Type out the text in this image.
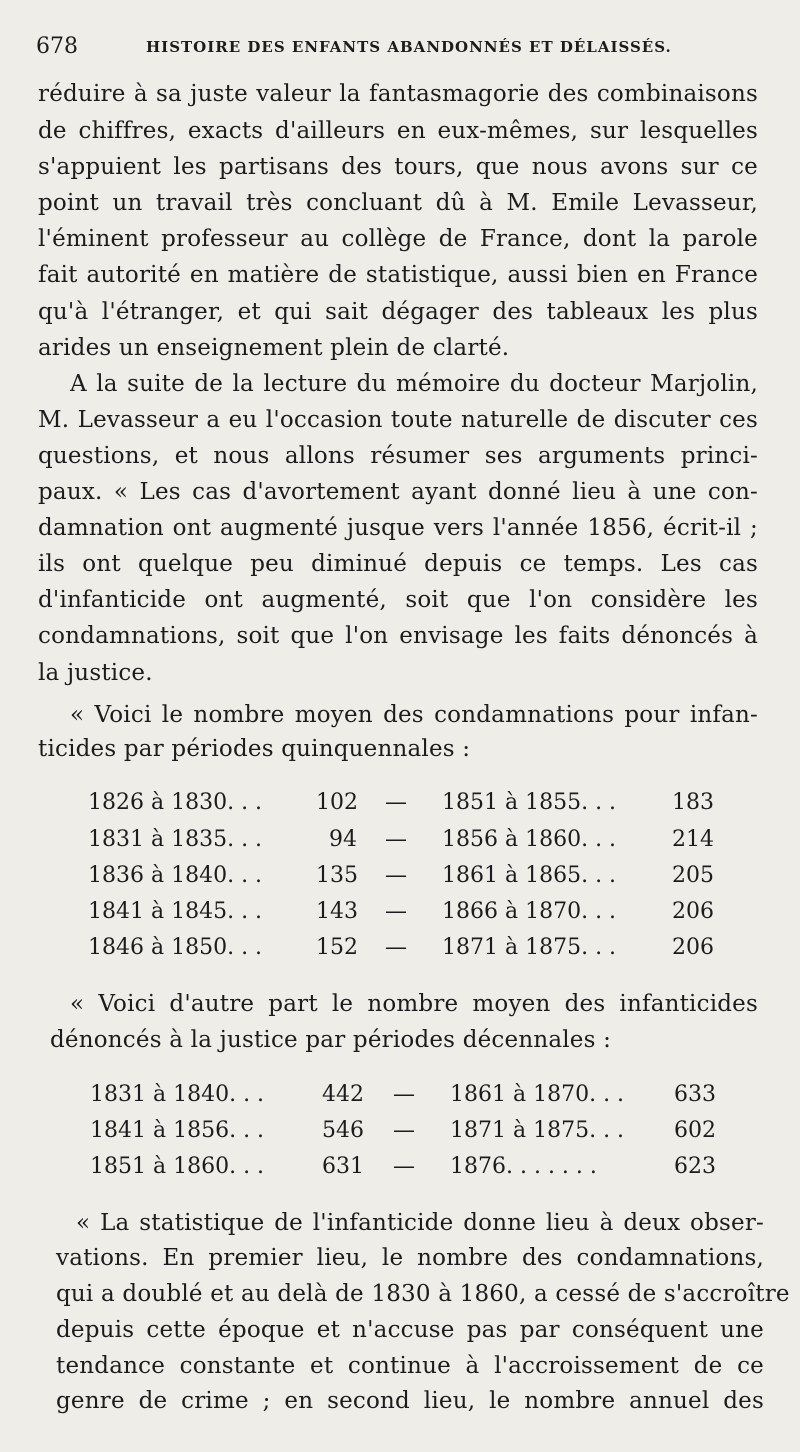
678	HISTOIRE DES ENFANTS ABANDONNÉS ET DÉLAISSÉS.
réduire à sa juste valeur la fantasmagorie des combinaisons
de chiffres, exacts d'ailleurs en eux-mêmes, sur lesquelles
s'appuient les partisans des tours, que nous avons sur ce
point un travail très concluant dû à M. Emile Levasseur,
l'éminent professeur au collège de France, dont la parole
fait autorité en matière de statistique, aussi bien en France
qu'à l'étranger, et qui sait dégager des tableaux les plus
arides un enseignement plein de clarté.
A la suite de la lecture du mémoire du docteur Marjolin,
M. Levasseur a eu l'occasion toute naturelle de discuter ces
questions, et nous allons résumer ses arguments princi-
paux. « Les cas d'avortement ayant donné lieu à une con-
damnation ont augmenté jusque vers l'année 1856, écrit-il ;
ils ont quelque peu diminué depuis ce temps. Les cas
d'infanticide ont augmenté, soit que l'on considère les
condamnations, soit que l'on envisage les faits dénoncés à
la justice.
« Voici le nombre moyen des condamnations pour infan-
ticides par périodes quinquennales :
1826 à 1830. . . 102 — 1851 à 1855. . .	183
1831 à 1835. . .	94 — 1856 à 1860. . .	214
1836 à 1840. . . 135 — 1861 à 1865. . .	205
1841 à 1845. . . 143 — 1866 à 1870. . .	206
1846 à 1850. . . 152 — 1871 à 1875. . .	206
« Voici d'autre part le nombre moyen des infanticides
dénoncés à la justice par périodes décennales :
1831 à 1840. . .	442 — 1861 à 1870. . . 633
1841 à 1856. . .	546 — 1871 à 1875. . . 602
1851 à 1860. . .	631 — 1876. . . . . . .	623
« La statistique de l'infanticide donne lieu à deux obser-
vations. En premier lieu, le nombre des condamnations,
qui a doublé et au delà de 1830 à 1860, a cessé de s'accroître
depuis cette époque et n'accuse pas par conséquent une
tendance constante et continue à l'accroissement de ce
genre de crime ; en second lieu, le nombre annuel des
